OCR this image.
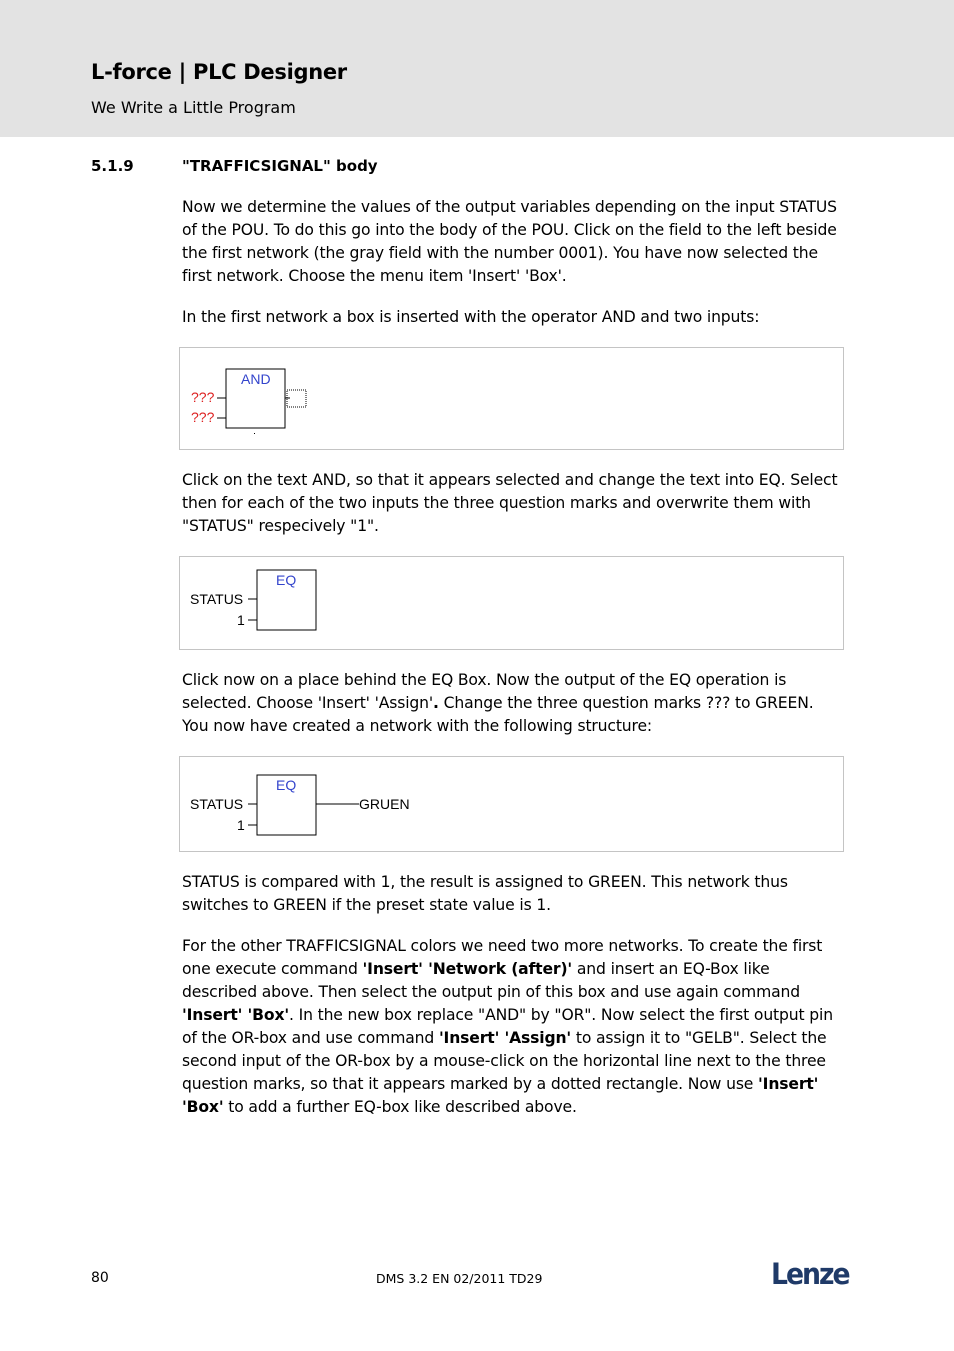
L-force | PLC Designer
We Write a Little Program
5.1.9	"TRAFFICSIGNAL" body

Now we determine the values of the output variables depending on the input STATUS of the POU. To do this go into the body of the POU. Click on the field to the left beside the first network (the gray field with the number 0001). You have now selected the first network. Choose the menu item 'Insert' 'Box'.

In the first network a box is inserted with the operator AND and two inputs:

AND
???
???

Click on the text AND, so that it appears selected and change the text into EQ. Select then for each of the two inputs the three question marks and overwrite them with "STATUS" respecively "1".

EQ
STATUS
1

Click now on a place behind the EQ Box. Now the output of the EQ operation is selected. Choose 'Insert' 'Assign'. Change the three question marks ??? to GREEN. You now have created a network with the following structure:

EQ
STATUS
1
GRUEN

STATUS is compared with 1, the result is assigned to GREEN. This network thus switches to GREEN if the preset state value is 1.

For the other TRAFFICSIGNAL colors we need two more networks. To create the first one execute command 'Insert' 'Network (after)' and insert an EQ-Box like described above. Then select the output pin of this box and use again command 'Insert' 'Box'. In the new box replace "AND" by "OR". Now select the first output pin of the OR-box and use command 'Insert' 'Assign' to assign it to "GELB". Select the second input of the OR-box by a mouse-click on the horizontal line next to the three question marks, so that it appears marked by a dotted rectangle. Now use 'Insert' 'Box' to add a further EQ-box like described above.

80	DMS 3.2 EN 02/2011 TD29	Lenze
